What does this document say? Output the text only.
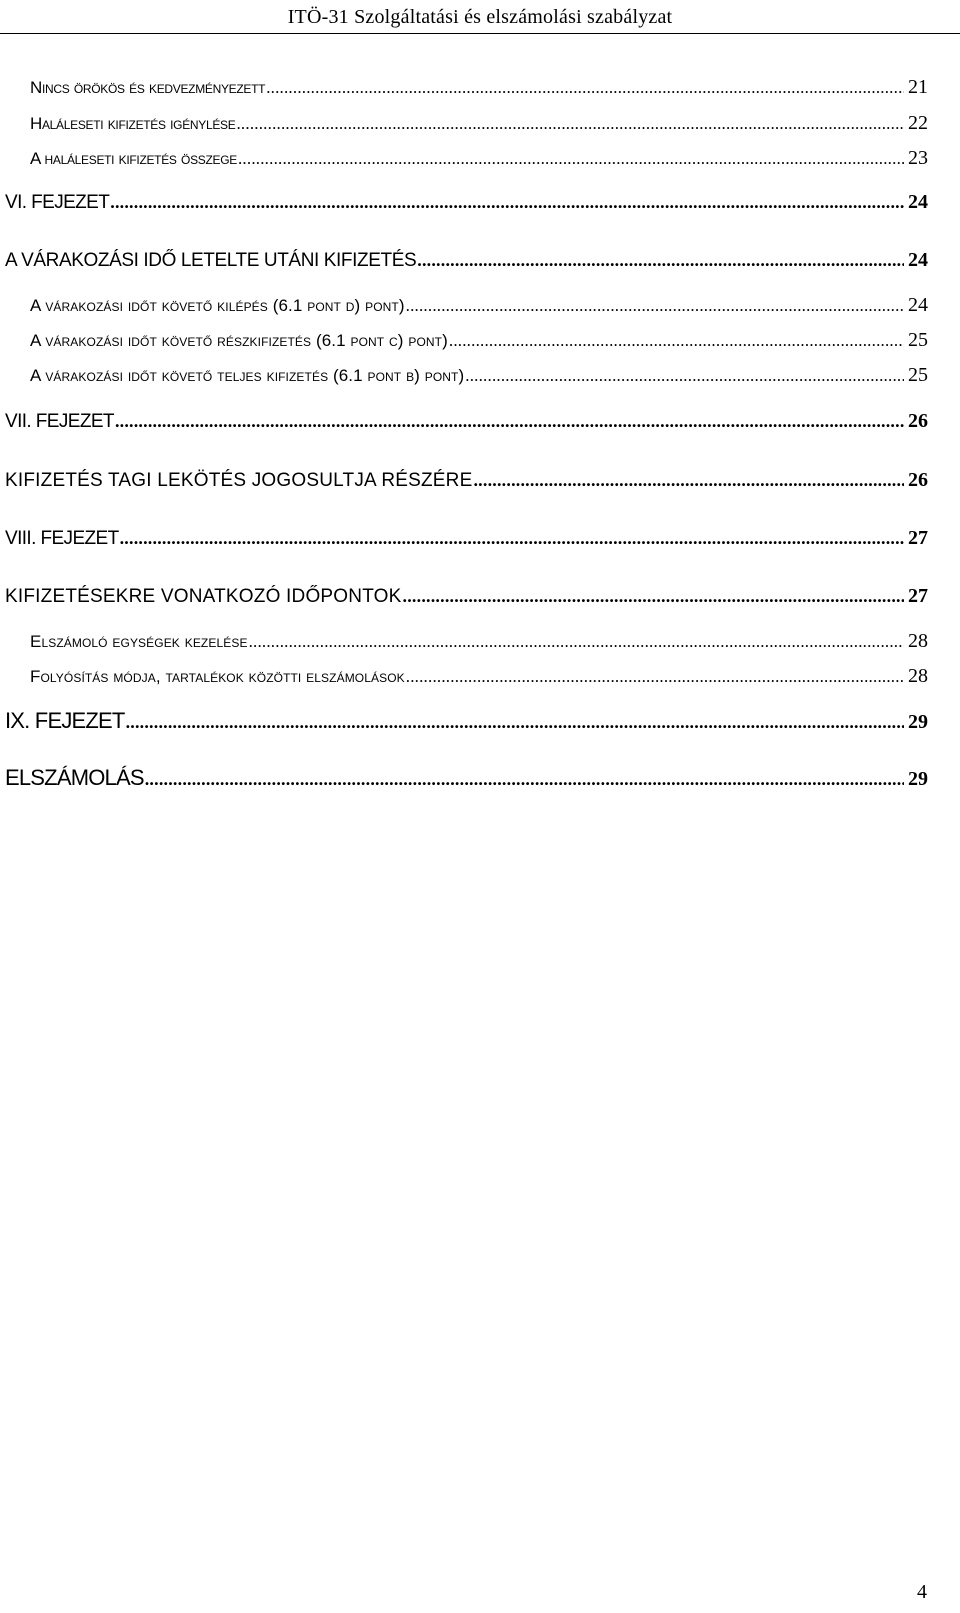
ITÖ-31 Szolgáltatási és elszámolási szabályzat
Nincs örökös és kedvezményezett .....	21
Haláleseti kifizetés igénylése .....	22
A haláleseti kifizetés összege .....	23
VI. FEJEZET .....	24
A VÁRAKOZÁSI IDŐ LETELTE UTÁNI KIFIZETÉS .....	24
A várakozási időt követő kilépés (6.1 pont d) pont) .....	24
A várakozási időt követő részkifizetés (6.1 pont c) pont) .....	25
A várakozási időt követő teljes kifizetés (6.1 pont b) pont) .....	25
VII. FEJEZET .....	26
KIFIZETÉS TAGI LEKÖTÉS JOGOSULTJA RÉSZÉRE .....	26
VIII. FEJEZET .....	27
KIFIZETÉSEKRE VONATKOZÓ IDŐPONTOK .....	27
Elszámoló egységek kezelése .....	28
Folyósítás módja, tartalékok közötti elszámolások .....	28
IX. FEJEZET .....	29
ELSZÁMOLÁS .....	29
4
